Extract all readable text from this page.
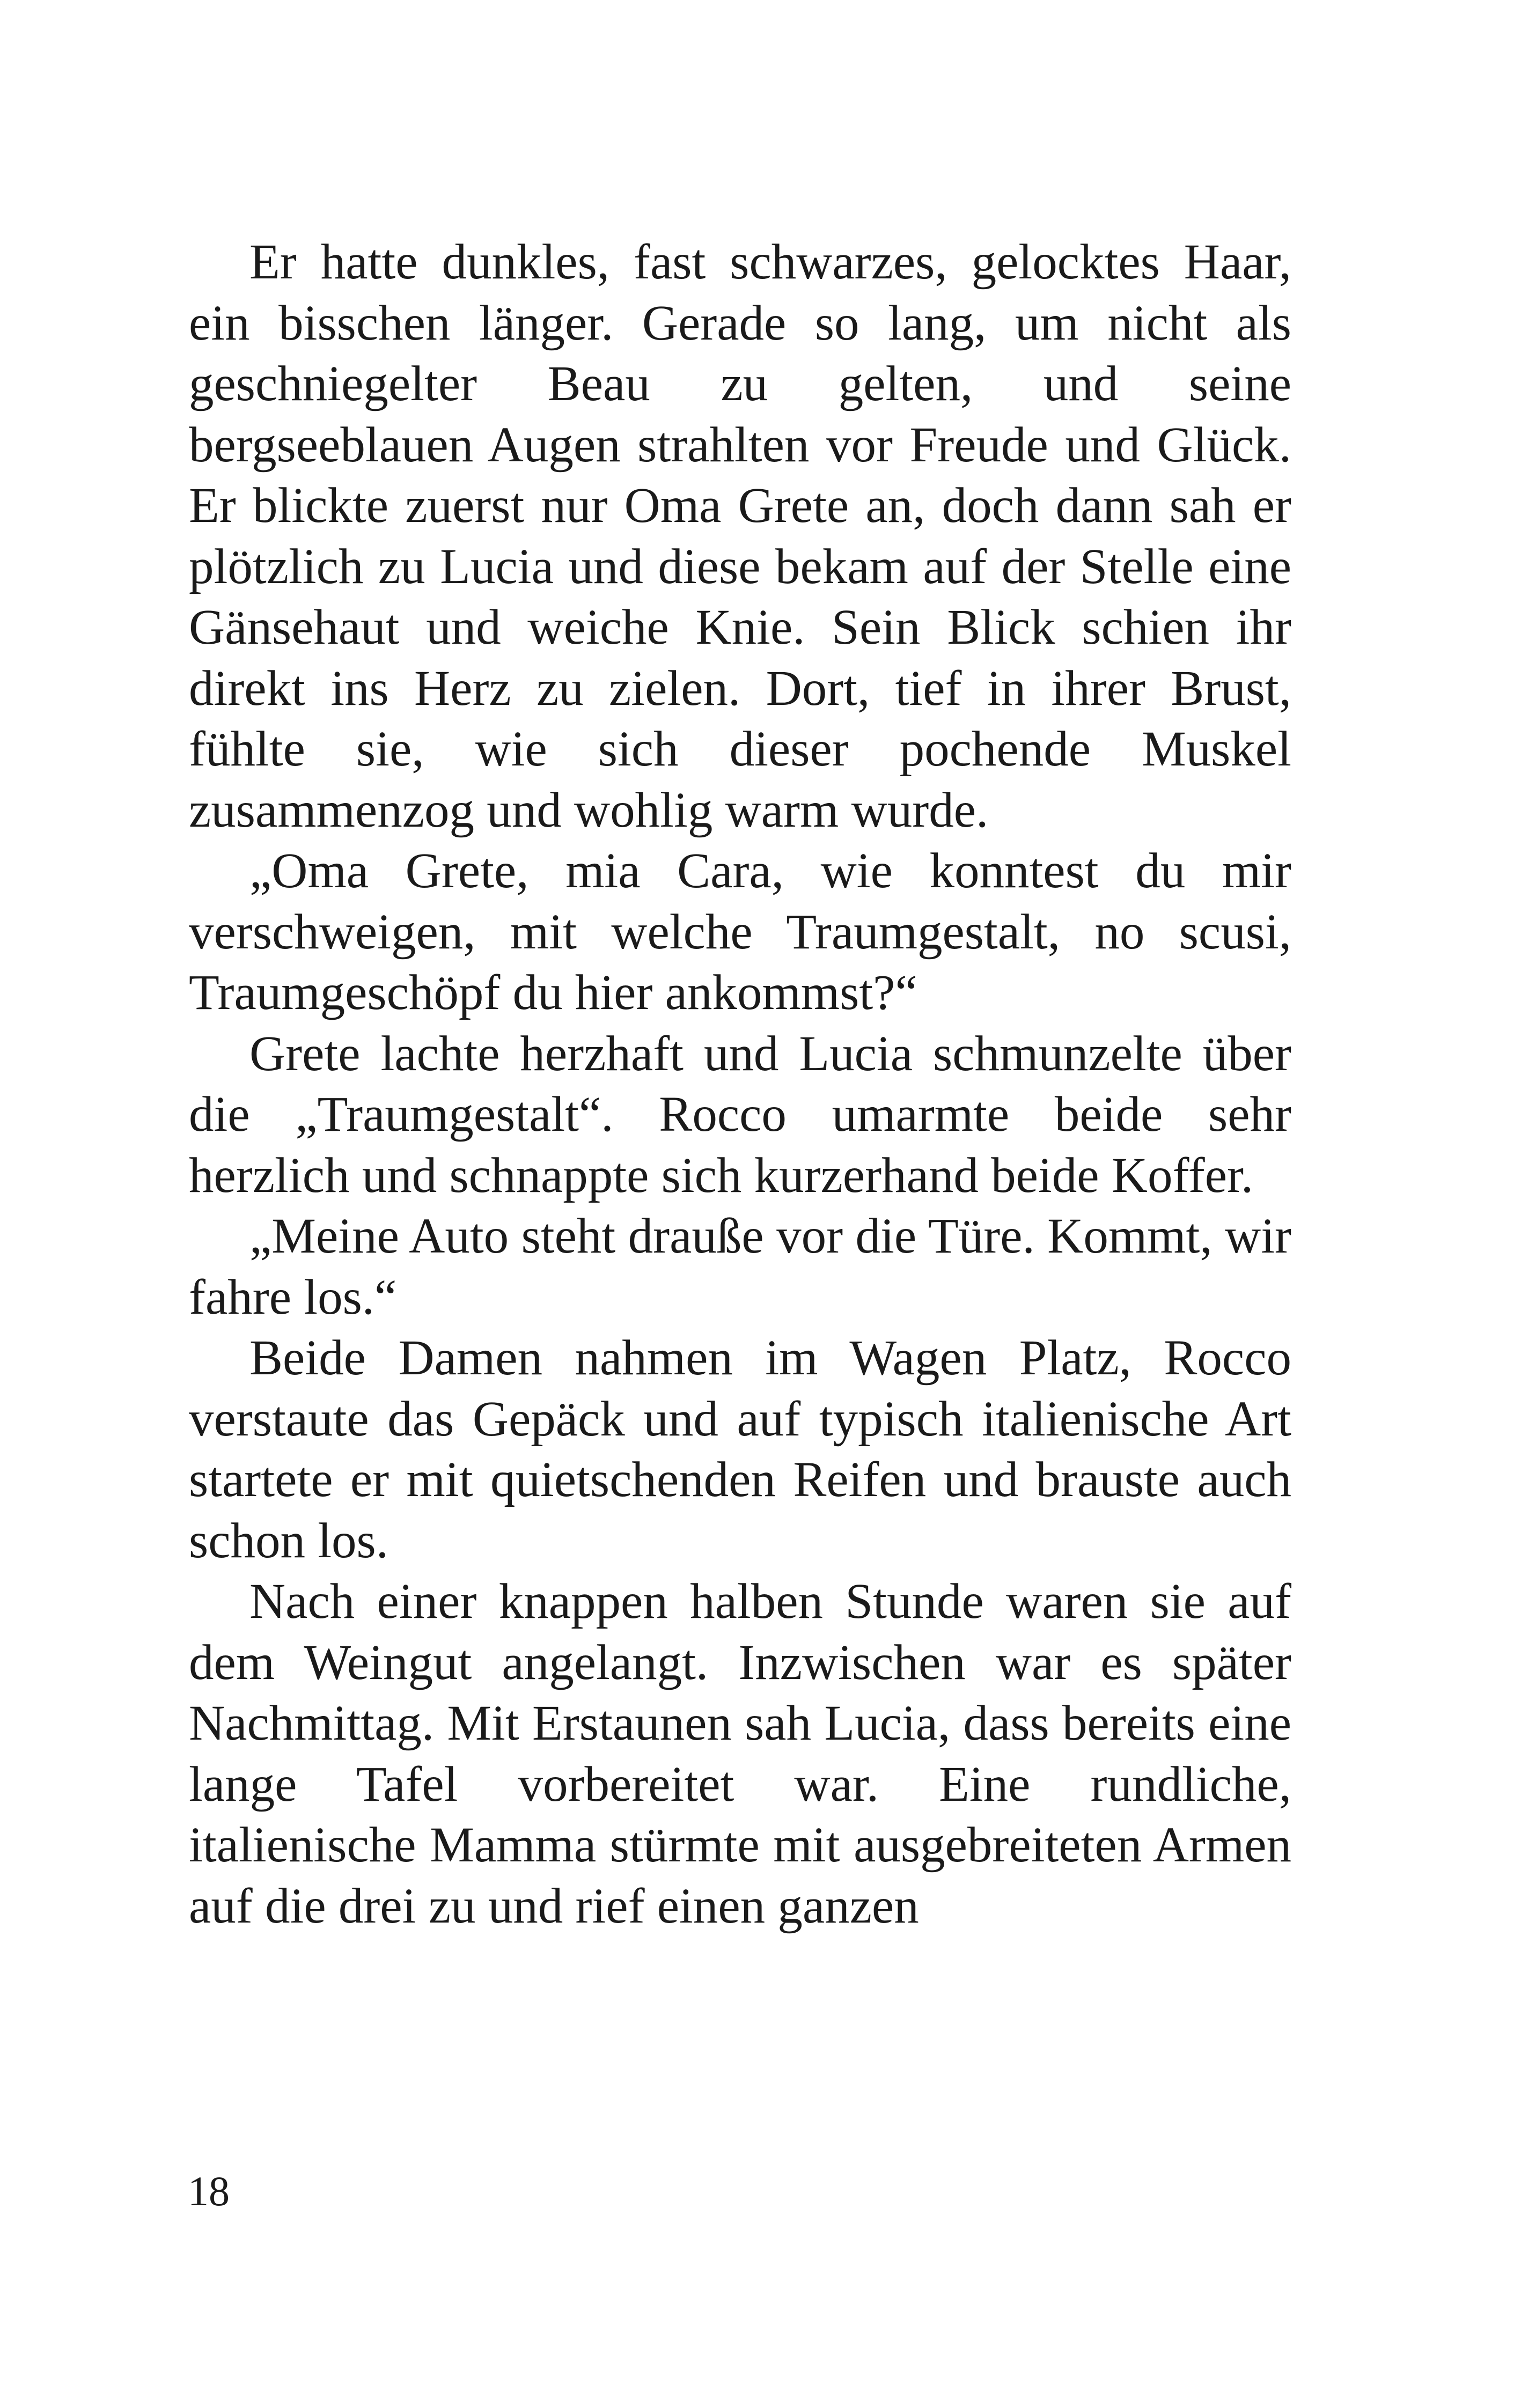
Er hatte dunkles, fast schwarzes, gelocktes Haar, ein bisschen länger. Gerade so lang, um nicht als geschniegelter Beau zu gelten, und seine bergseeblauen Augen strahlten vor Freude und Glück. Er blickte zuerst nur Oma Grete an, doch dann sah er plötzlich zu Lucia und diese bekam auf der Stelle eine Gänsehaut und weiche Knie. Sein Blick schien ihr direkt ins Herz zu zielen. Dort, tief in ihrer Brust, fühlte sie, wie sich dieser pochende Muskel zusammenzog und wohlig warm wurde.

„Oma Grete, mia Cara, wie konntest du mir verschweigen, mit welche Traumgestalt, no scusi, Traumgeschöpf du hier ankommst?“

Grete lachte herzhaft und Lucia schmunzelte über die „Traumgestalt“. Rocco umarmte beide sehr herzlich und schnappte sich kurzerhand beide Koffer.

„Meine Auto steht drauße vor die Türe. Kommt, wir fahre los.“

Beide Damen nahmen im Wagen Platz, Rocco verstaute das Gepäck und auf typisch italienische Art startete er mit quietschenden Reifen und brauste auch schon los.

Nach einer knappen halben Stunde waren sie auf dem Weingut angelangt. Inzwischen war es später Nachmittag. Mit Erstaunen sah Lucia, dass bereits eine lange Tafel vorbereitet war. Eine rundliche, italienische Mamma stürmte mit ausgebreiteten Armen auf die drei zu und rief einen ganzen

18
